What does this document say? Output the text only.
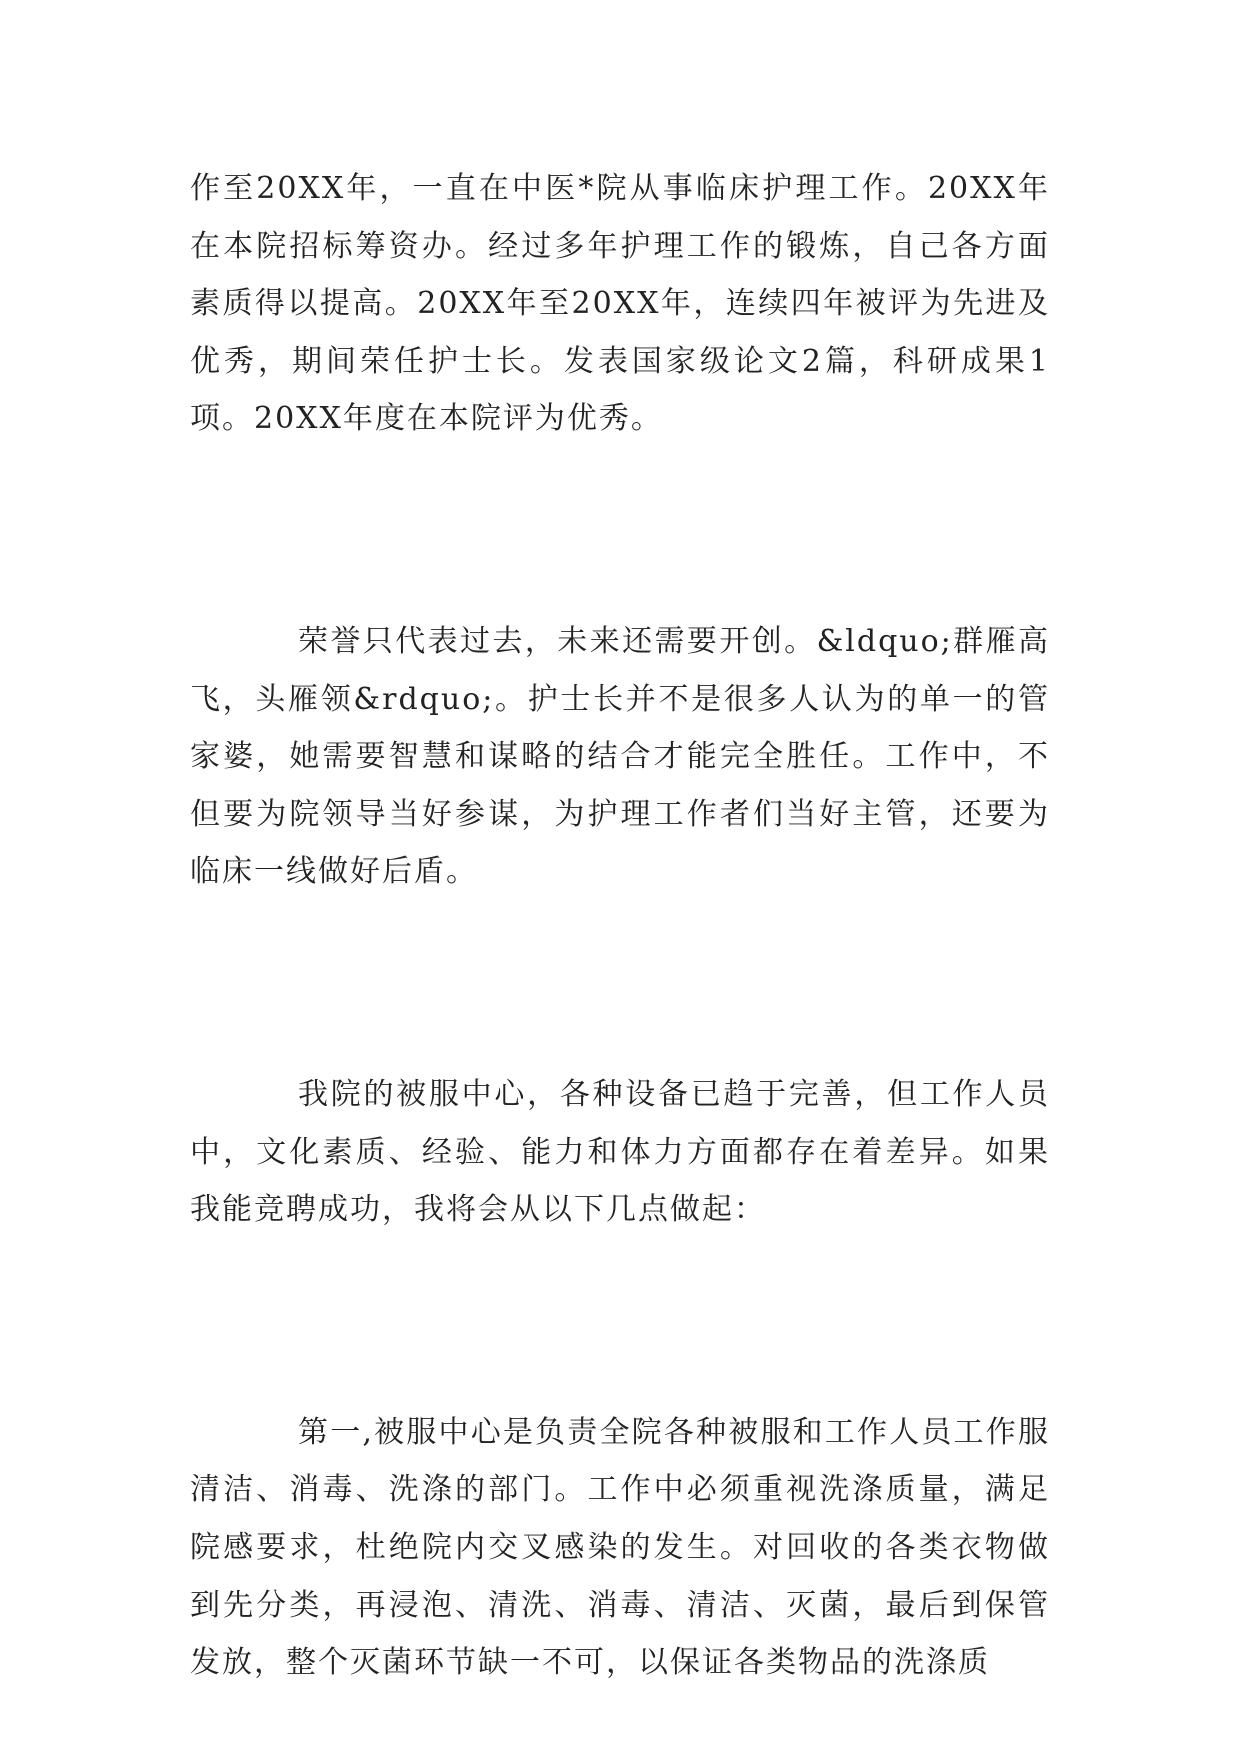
作至20XX年，一直在中医*院从事临床护理工作。20XX年在本院招标筹资办。经过多年护理工作的锻炼，自己各方面素质得以提高。20XX年至20XX年，连续四年被评为先进及优秀，期间荣任护士长。发表国家级论文2篇，科研成果1项。20XX年度在本院评为优秀。

荣誉只代表过去，未来还需要开创。&ldquo;群雁高飞，头雁领&rdquo;。护士长并不是很多人认为的单一的管家婆，她需要智慧和谋略的结合才能完全胜任。工作中，不但要为院领导当好参谋，为护理工作者们当好主管，还要为临床一线做好后盾。

我院的被服中心，各种设备已趋于完善，但工作人员中，文化素质、经验、能力和体力方面都存在着差异。如果我能竞聘成功，我将会从以下几点做起：

第一,被服中心是负责全院各种被服和工作人员工作服清洁、消毒、洗涤的部门。工作中必须重视洗涤质量，满足院感要求，杜绝院内交叉感染的发生。对回收的各类衣物做到先分类，再浸泡、清洗、消毒、清洁、灭菌，最后到保管发放，整个灭菌环节缺一不可，以保证各类物品的洗涤质
